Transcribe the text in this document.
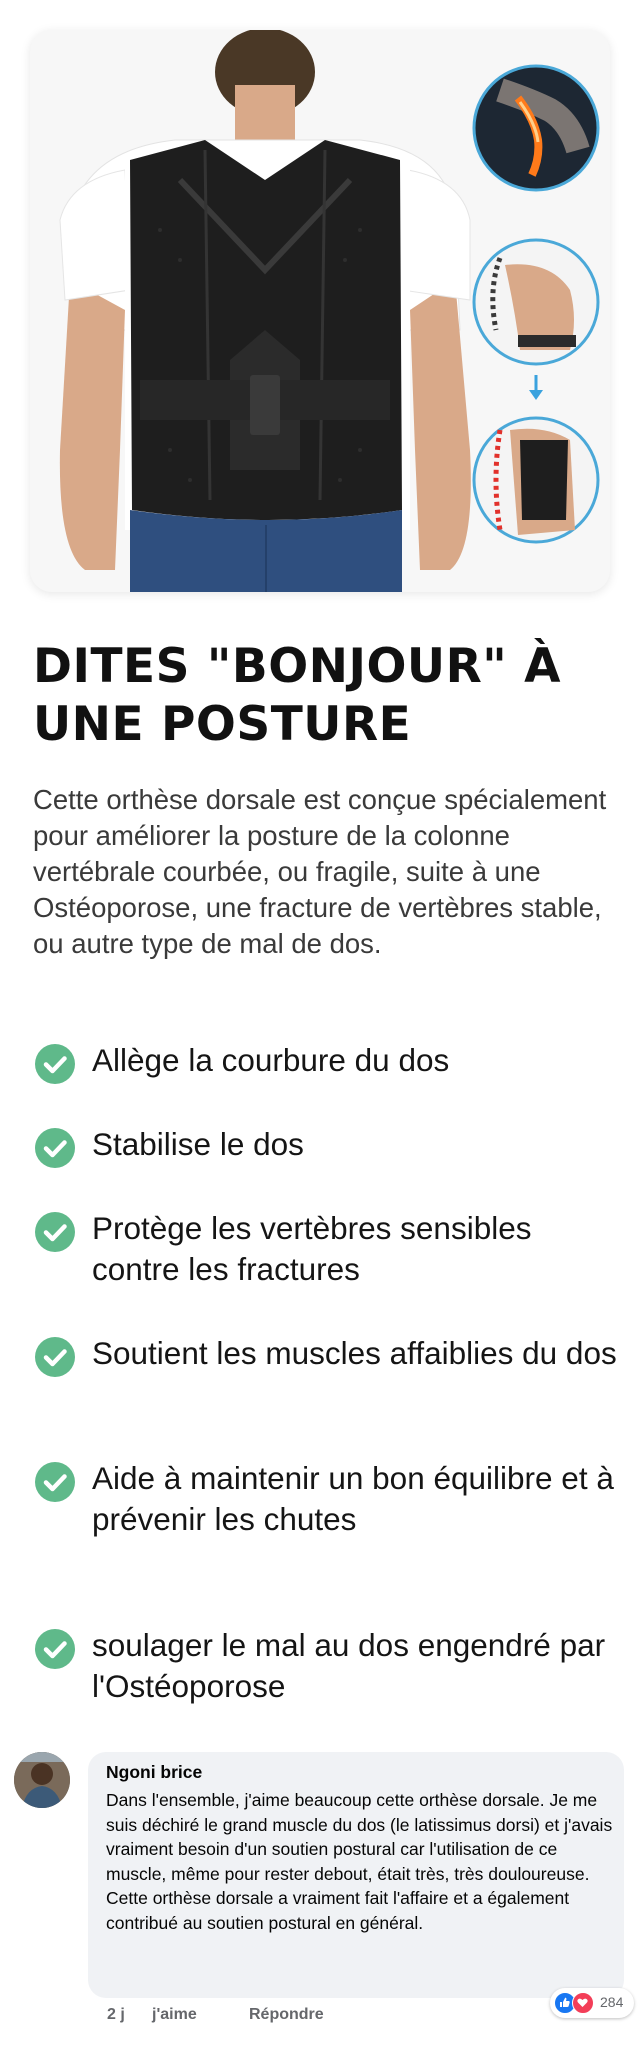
DITES "BONJOUR" À UNE POSTURE

Cette orthèse dorsale est conçue spécialement pour améliorer la posture de la colonne vertébrale courbée, ou fragile, suite à une Ostéoporose, une fracture de vertèbres stable, ou autre type de mal de dos.

Allège la courbure du dos
Stabilise le dos
Protège les vertèbres sensibles contre les fractures
Soutient les muscles affaiblies du dos
Aide à maintenir un bon équilibre et à prévenir les chutes
soulager le mal au dos engendré par l'Ostéoporose
Ngoni brice
Dans l'ensemble, j'aime beaucoup cette orthèse dorsale. Je me suis déchiré le grand muscle du dos (le latissimus dorsi) et j'avais vraiment besoin d'un soutien postural car l'utilisation de ce muscle, même pour rester debout, était très, très douloureuse. Cette orthèse dorsale a vraiment fait l'affaire et a également contribué au soutien postural en général.
284
2 j j'aime	Répondre
